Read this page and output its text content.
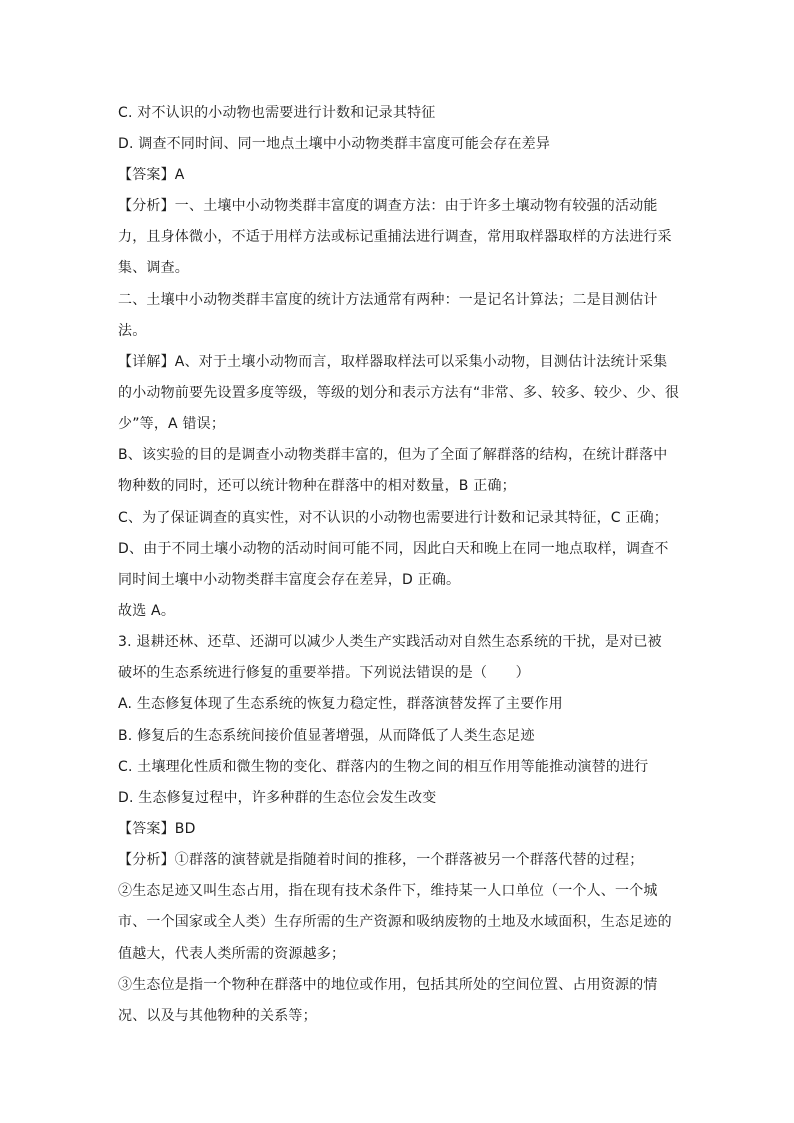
C. 对不认识的小动物也需要进行计数和记录其特征
D. 调查不同时间、同一地点土壤中小动物类群丰富度可能会存在差异
【答案】A
【分析】一、土壤中小动物类群丰富度的调查方法：由于许多土壤动物有较强的活动能
力，且身体微小，不适于用样方法或标记重捕法进行调查，常用取样器取样的方法进行采
集、调查。
二、土壤中小动物类群丰富度的统计方法通常有两种：一是记名计算法；二是目测估计
法。
【详解】A、对于土壤小动物而言，取样器取样法可以采集小动物，目测估计法统计采集
的小动物前要先设置多度等级，等级的划分和表示方法有“非常、多、较多、较少、少、很
少”等，A 错误；
B、该实验的目的是调查小动物类群丰富的，但为了全面了解群落的结构，在统计群落中
物种数的同时，还可以统计物种在群落中的相对数量，B 正确；
C、为了保证调查的真实性，对不认识的小动物也需要进行计数和记录其特征，C 正确；
D、由于不同土壤小动物的活动时间可能不同，因此白天和晚上在同一地点取样，调查不
同时间土壤中小动物类群丰富度会存在差异，D 正确。
故选 A。
3. 退耕还林、还草、还湖可以减少人类生产实践活动对自然生态系统的干扰，是对已被
破坏的生态系统进行修复的重要举措。下列说法错误的是（　　）
A. 生态修复体现了生态系统的恢复力稳定性，群落演替发挥了主要作用
B. 修复后的生态系统间接价值显著增强，从而降低了人类生态足迹
C. 土壤理化性质和微生物的变化、群落内的生物之间的相互作用等能推动演替的进行
D. 生态修复过程中，许多种群的生态位会发生改变
【答案】BD
【分析】①群落的演替就是指随着时间的推移，一个群落被另一个群落代替的过程；
②生态足迹又叫生态占用，指在现有技术条件下，维持某一人口单位（一个人、一个城
市、一个国家或全人类）生存所需的生产资源和吸纳废物的土地及水域面积，生态足迹的
值越大，代表人类所需的资源越多；
③生态位是指一个物种在群落中的地位或作用，包括其所处的空间位置、占用资源的情
况、以及与其他物种的关系等；
